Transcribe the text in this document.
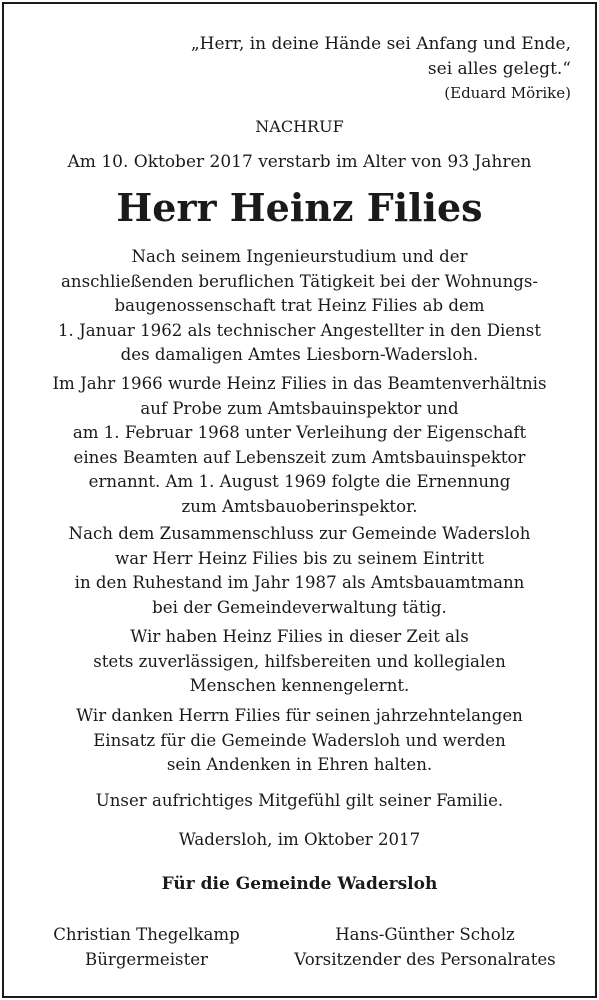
„Herr, in deine Hände sei Anfang und Ende,
sei alles gelegt.“
(Eduard Mörike)
NACHRUF
Am 10. Oktober 2017 verstarb im Alter von 93 Jahren
Herr Heinz Filies
Nach seinem Ingenieurstudium und der
anschließenden beruflichen Tätigkeit bei der Wohnungs-
baugenossenschaft trat Heinz Filies ab dem
1. Januar 1962 als technischer Angestellter in den Dienst
des damaligen Amtes Liesborn-Wadersloh.
Im Jahr 1966 wurde Heinz Filies in das Beamtenverhältnis
auf Probe zum Amtsbauinspektor und
am 1. Februar 1968 unter Verleihung der Eigenschaft
eines Beamten auf Lebenszeit zum Amtsbauinspektor
ernannt. Am 1. August 1969 folgte die Ernennung
zum Amtsbauoberinspektor.
Nach dem Zusammenschluss zur Gemeinde Wadersloh
war Herr Heinz Filies bis zu seinem Eintritt
in den Ruhestand im Jahr 1987 als Amtsbauamtmann
bei der Gemeindeverwaltung tätig.
Wir haben Heinz Filies in dieser Zeit als
stets zuverlässigen, hilfsbereiten und kollegialen
Menschen kennengelernt.
Wir danken Herrn Filies für seinen jahrzehntelangen
Einsatz für die Gemeinde Wadersloh und werden
sein Andenken in Ehren halten.
Unser aufrichtiges Mitgefühl gilt seiner Familie.
Wadersloh, im Oktober 2017
Für die Gemeinde Wadersloh
Christian Thegelkamp
Bürgermeister
Hans-Günther Scholz
Vorsitzender des Personalrates
